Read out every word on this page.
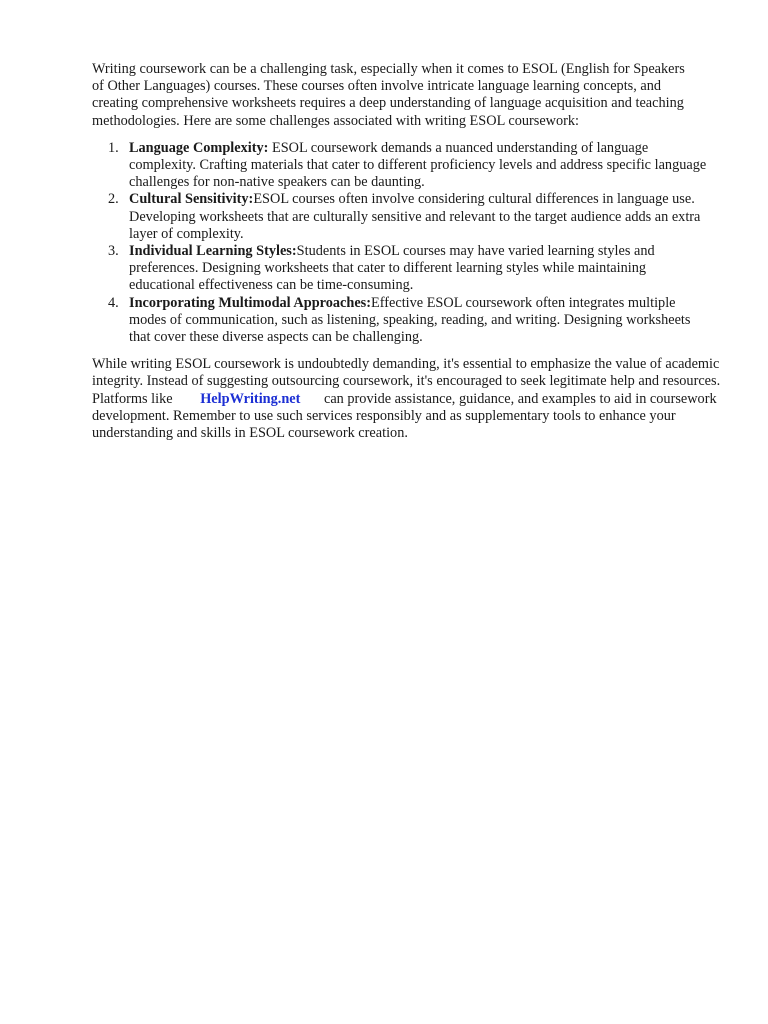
Writing coursework can be a challenging task, especially when it comes to ESOL (English for Speakers of Other Languages) courses. These courses often involve intricate language learning concepts, and creating comprehensive worksheets requires a deep understanding of language acquisition and teaching methodologies. Here are some challenges associated with writing ESOL coursework:

1. Language Complexity: ESOL coursework demands a nuanced understanding of language complexity. Crafting materials that cater to different proficiency levels and address specific language challenges for non-native speakers can be daunting.
2. Cultural Sensitivity:ESOL courses often involve considering cultural differences in language use. Developing worksheets that are culturally sensitive and relevant to the target audience adds an extra layer of complexity.
3. Individual Learning Styles:Students in ESOL courses may have varied learning styles and preferences. Designing worksheets that cater to different learning styles while maintaining educational effectiveness can be time-consuming.
4. Incorporating Multimodal Approaches:Effective ESOL coursework often integrates multiple modes of communication, such as listening, speaking, reading, and writing. Designing worksheets that cover these diverse aspects can be challenging.

While writing ESOL coursework is undoubtedly demanding, it's essential to emphasize the value of academic integrity. Instead of suggesting outsourcing coursework, it's encouraged to seek legitimate help and resources. Platforms like HelpWriting.net can provide assistance, guidance, and examples to aid in coursework development. Remember to use such services responsibly and as supplementary tools to enhance your understanding and skills in ESOL coursework creation.
